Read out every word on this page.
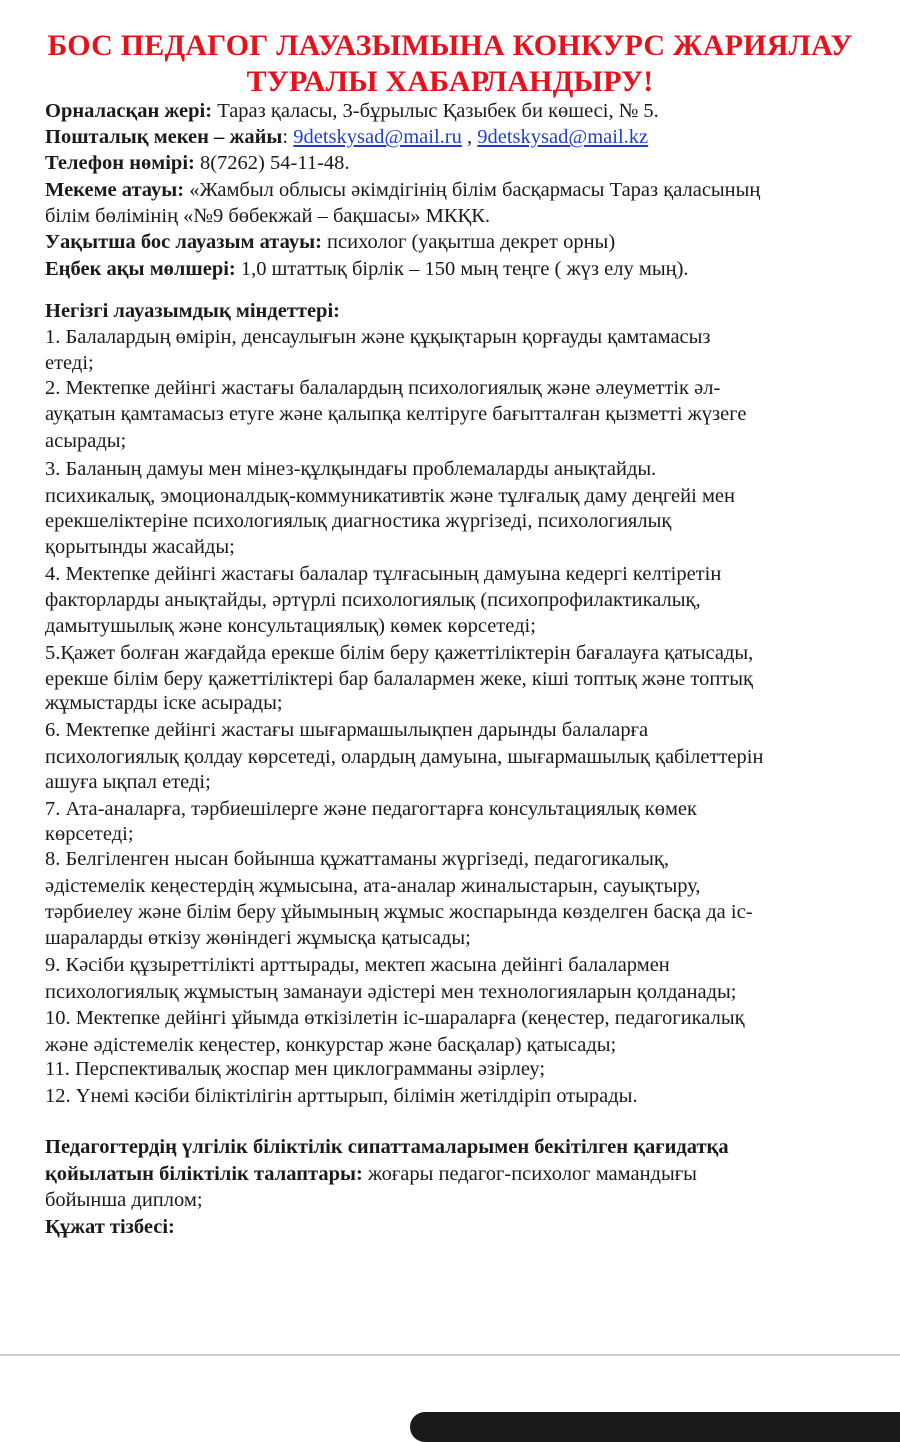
БОС ПЕДАГОГ ЛАУАЗЫМЫНА КОНКУРС ЖАРИЯЛАУ
ТУРАЛЫ ХАБАРЛАНДЫРУ!
Орналасқан жері: Тараз қаласы, 3-бұрылыс Қазыбек би көшесі, № 5.
Пошталық мекен – жайы: 9detskysad@mail.ru , 9detskysad@mail.kz
Телефон нөмірі: 8(7262) 54-11-48.
Мекеме атауы: «Жамбыл облысы әкімдігінің білім басқармасы Тараз қаласының
білім бөлімінің «№9 бөбекжай – бақшасы» МКҚК.
Уақытша бос лауазым атауы: психолог (уақытша декрет орны)
Еңбек ақы мөлшері: 1,0 штаттық бірлік – 150 мың теңге ( жүз елу мың).
Негізгі лауазымдық міндеттері:
1. Балалардың өмірін, денсаулығын және құқықтарын қорғауды қамтамасыз
етеді;
2. Мектепке дейінгі жастағы балалардың психологиялық және әлеуметтік әл-
ауқатын қамтамасыз етуге және қалыпқа келтіруге бағытталған қызметті жүзеге
асырады;
3. Баланың дамуы мен мінез-құлқындағы проблемаларды анықтайды.
психикалық, эмоционалдық-коммуникативтік және тұлғалық даму деңгейі мен
ерекшеліктеріне психологиялық диагностика жүргізеді, психологиялық
қорытынды жасайды;
4. Мектепке дейінгі жастағы балалар тұлғасының дамуына кедергі келтіретін
факторларды анықтайды, әртүрлі психологиялық (психопрофилактикалық,
дамытушылық және консультациялық) көмек көрсетеді;
5.Қажет болған жағдайда ерекше білім беру қажеттіліктерін бағалауға қатысады,
ерекше білім беру қажеттіліктері бар балалармен жеке, кіші топтық және топтық
жұмыстарды іске асырады;
6. Мектепке дейінгі жастағы шығармашылықпен дарынды балаларға
психологиялық қолдау көрсетеді, олардың дамуына, шығармашылық қабілеттерін
ашуға ықпал етеді;
7. Ата-аналарға, тәрбиешілерге және педагогтарға консультациялық көмек
көрсетеді;
8. Белгіленген нысан бойынша құжаттаманы жүргізеді, педагогикалық,
әдістемелік кеңестердің жұмысына, ата-аналар жиналыстарын, сауықтыру,
тәрбиелеу және білім беру ұйымының жұмыс жоспарында көзделген басқа да іс-
шараларды өткізу жөніндегі жұмысқа қатысады;
9. Кәсіби құзыреттілікті арттырады, мектеп жасына дейінгі балалармен
психологиялық жұмыстың заманауи әдістері мен технологияларын қолданады;
10. Мектепке дейінгі ұйымда өткізілетін іс-шараларға (кеңестер, педагогикалық
және әдістемелік кеңестер, конкурстар және басқалар) қатысады;
11. Перспективалық жоспар мен циклограмманы әзірлеу;
12. Үнемі кәсіби біліктілігін арттырып, білімін жетілдіріп отырады.
Педагогтердің үлгілік біліктілік сипаттамаларымен бекітілген қағидатқа
қойылатын біліктілік талаптары: жоғары педагог-психолог мамандығы
бойынша диплом;
Құжат тізбесі:
